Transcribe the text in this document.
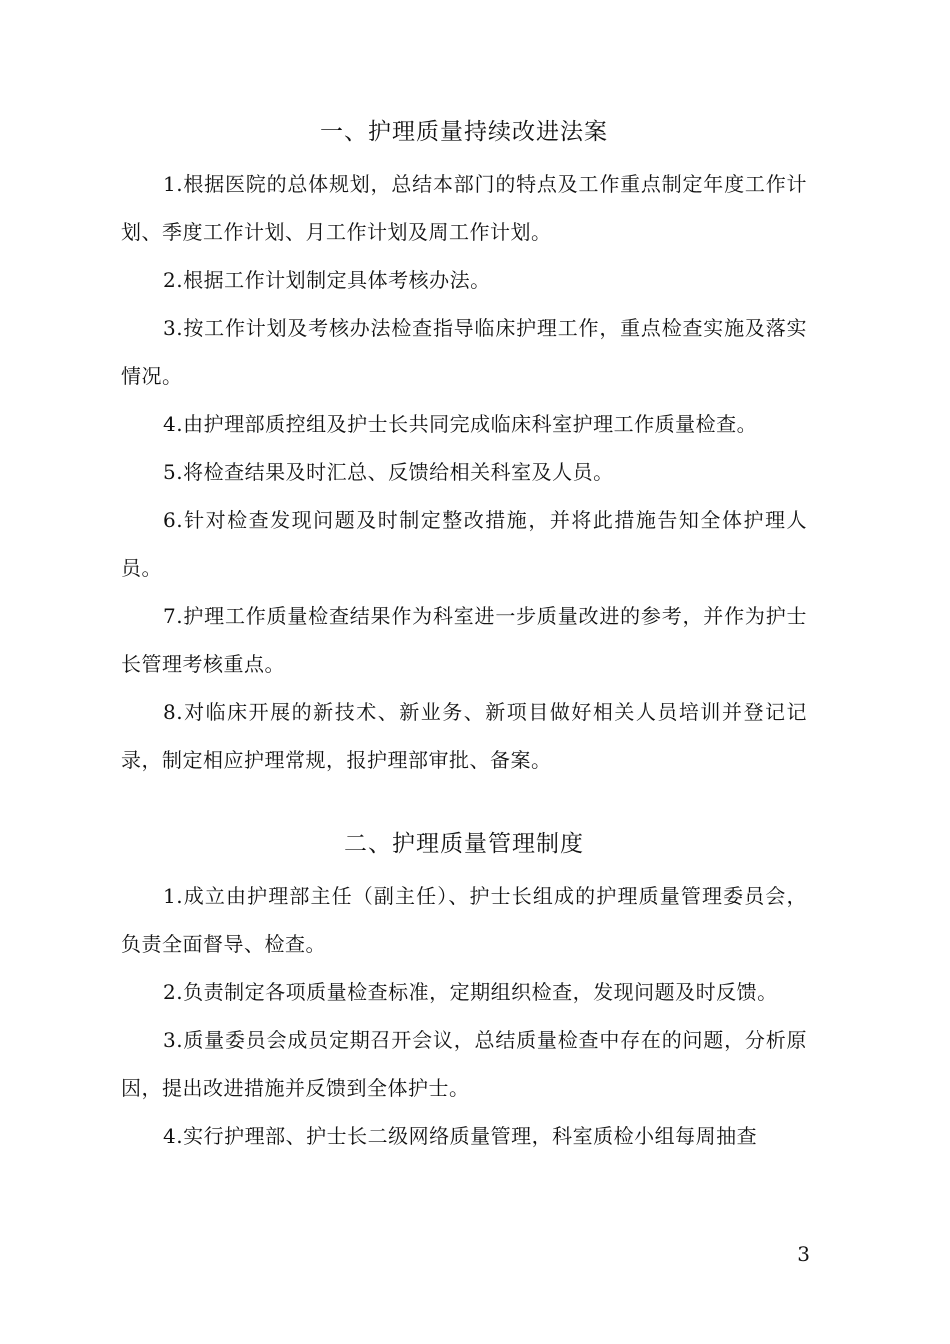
一、护理质量持续改进法案

1.根据医院的总体规划，总结本部门的特点及工作重点制定年度工作计划、季度工作计划、月工作计划及周工作计划。

2.根据工作计划制定具体考核办法。

3.按工作计划及考核办法检查指导临床护理工作，重点检查实施及落实情况。

4.由护理部质控组及护士长共同完成临床科室护理工作质量检查。

5.将检查结果及时汇总、反馈给相关科室及人员。

6.针对检查发现问题及时制定整改措施，并将此措施告知全体护理人员。

7.护理工作质量检查结果作为科室进一步质量改进的参考，并作为护士长管理考核重点。

8.对临床开展的新技术、新业务、新项目做好相关人员培训并登记记录，制定相应护理常规，报护理部审批、备案。

二、护理质量管理制度

1.成立由护理部主任（副主任）、护士长组成的护理质量管理委员会，负责全面督导、检查。

2.负责制定各项质量检查标准，定期组织检查，发现问题及时反馈。

3.质量委员会成员定期召开会议，总结质量检查中存在的问题，分析原因，提出改进措施并反馈到全体护士。

4.实行护理部、护士长二级网络质量管理，科室质检小组每周抽查

3
